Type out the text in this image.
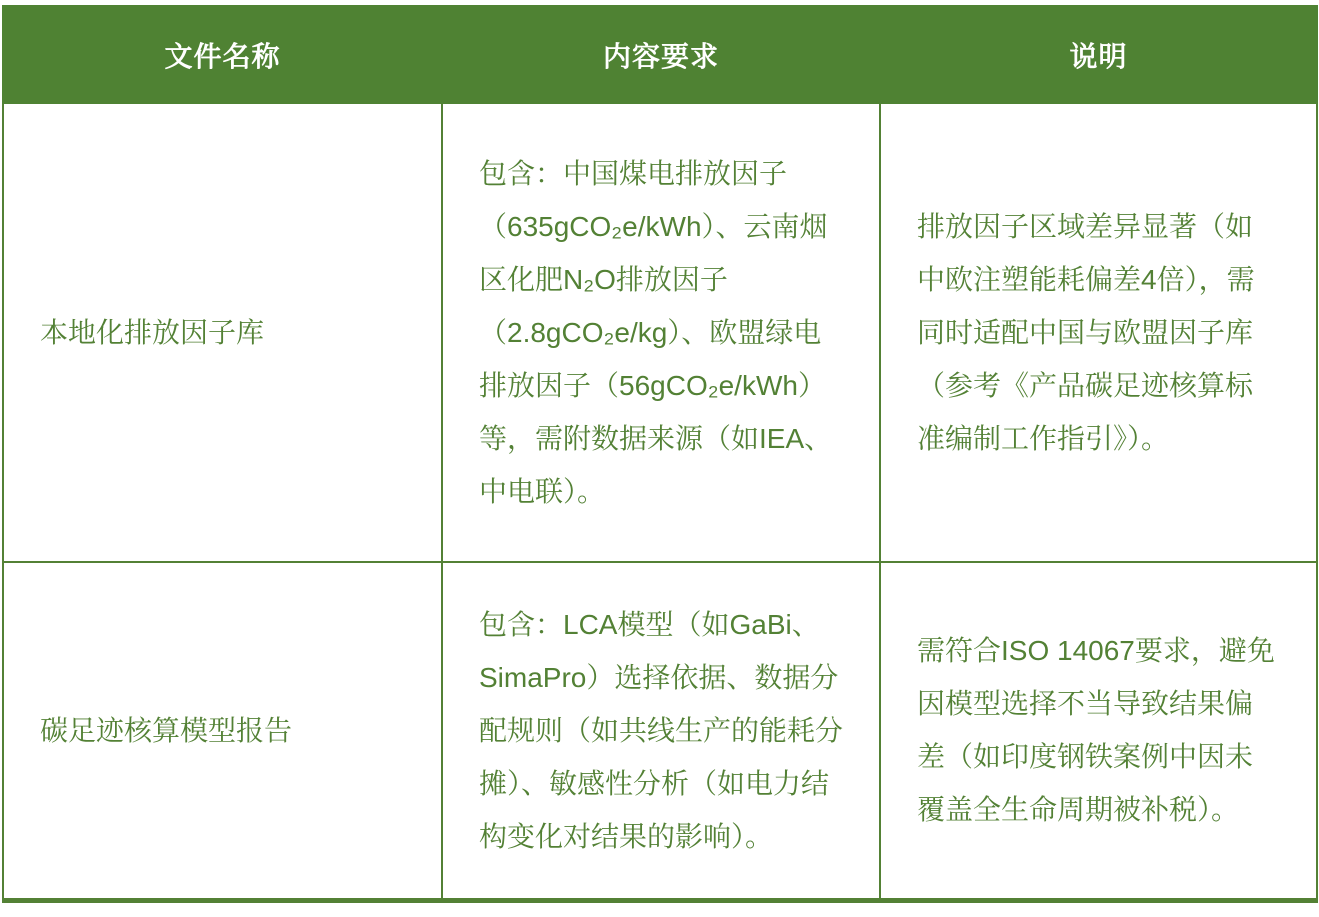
文件名称	内容要求	说明
本地化排放因子库	包含：中国煤电排放因子（635gCO₂e/kWh）、云南烟区化肥N₂O排放因子（2.8gCO₂e/kg）、欧盟绿电排放因子（56gCO₂e/kWh）等，需附数据来源（如IEA、中电联）。	排放因子区域差异显著（如中欧注塑能耗偏差4倍），需同时适配中国与欧盟因子库（参考《产品碳足迹核算标准编制工作指引》）。
碳足迹核算模型报告	包含：LCA模型（如GaBi、SimaPro）选择依据、数据分配规则（如共线生产的能耗分摊）、敏感性分析（如电力结构变化对结果的影响）。	需符合ISO 14067要求，避免因模型选择不当导致结果偏差（如印度钢铁案例中因未覆盖全生命周期被补税）。
